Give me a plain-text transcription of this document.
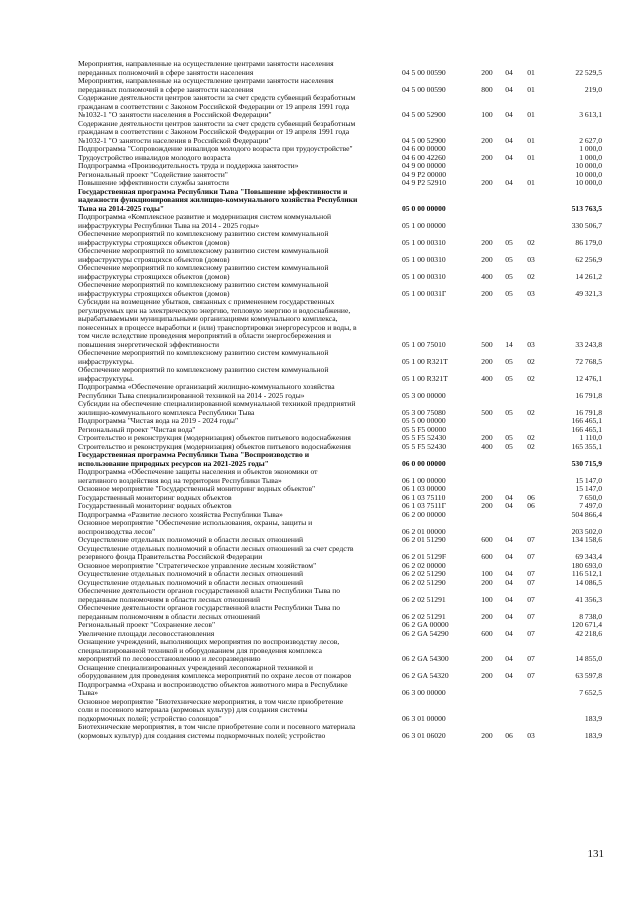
Мероприятия, направленные на осуществление центрами занятости населения
переданных полномочий в сфере занятости населения	04 5 00 00590	200	04	01	22 529,5
Мероприятия, направленные на осуществление центрами занятости населения
переданных полномочий в сфере занятости населения	04 5 00 00590	800	04	01	219,0
Содержание деятельности центров занятости за счет средств субвенций безработным
гражданам в соответствии с Законом Российской Федерации от 19 апреля 1991 года
№1032-1 "О занятости населения в Российской Федерации"	04 5 00 52900	100	04	01	3 613,1
Содержание деятельности центров занятости за счет средств субвенций безработным
гражданам в соответствии с Законом Российской Федерации от 19 апреля 1991 года
№1032-1 "О занятости населения в Российской Федерации"	04 5 00 52900	200	04	01	2 627,0
Подпрограмма "Сопровождение инвалидов молодого возраста при трудоустройстве"	04 6 00 00000	1 000,0
Трудоустройство инвалидов молодого возраста	04 6 00 42260	200	04	01	1 000,0
Подпрограмма «Производительность труда и поддержка занятости»	04 9 00 00000	10 000,0
Региональный проект "Содействие занятости"	04 9 P2 00000	10 000,0
Повышение эффективности службы занятости	04 9 P2 52910	200	04	01	10 000,0
Государственная программа Республики Тыва "Повышение эффективности и
надежности функционирования жилищно-коммунального хозяйства Республики
Тыва на 2014-2025 годы"	05 0 00 00000	513 763,5
Подпрограмма «Комплексное развитие и модернизация систем коммунальной
инфраструктуры Республики Тыва на 2014 - 2025 годы»	05 1 00 00000	330 506,7
Обеспечение мероприятий по комплексному развитию систем коммунальной
инфраструктуры строящихся объектов (домов)	05 1 00 00310	200	05	02	86 179,0
Обеспечение мероприятий по комплексному развитию систем коммунальной
инфраструктуры строящихся объектов (домов)	05 1 00 00310	200	05	03	62 256,9
Обеспечение мероприятий по комплексному развитию систем коммунальной
инфраструктуры строящихся объектов (домов)	05 1 00 00310	400	05	02	14 261,2
Обеспечение мероприятий по комплексному развитию систем коммунальной
инфраструктуры строящихся объектов (домов)	05 1 00 0031Г	200	05	03	49 321,3
Субсидии на возмещение убытков, связанных с применением государственных
регулируемых цен на электрическую энергию, тепловую энергию и водоснабжение,
вырабатываемыми муниципальными организациями коммунального комплекса,
понесенных в процессе выработки и (или) транспортировки энергоресурсов и воды, в
том числе вследствие проведения мероприятий в области энергосбережения и
повышения энергетической эффективности	05 1 00 75010	500	14	03	33 243,8
Обеспечение мероприятий по комплексному развитию систем коммунальной
инфраструктуры.	05 1 00 R321Т	200	05	02	72 768,5
Обеспечение мероприятий по комплексному развитию систем коммунальной
инфраструктуры.	05 1 00 R321Т	400	05	02	12 476,1
Подпрограмма «Обеспечение организаций жилищно-коммунального хозяйства
Республики Тыва специализированной техникой на 2014 - 2025 годы»	05 3 00 00000	16 791,8
Субсидии на обеспечение специализированной коммунальной техникой предприятий
жилищно-коммунального комплекса Республики Тыва	05 3 00 75080	500	05	02	16 791,8
Подпрограмма "Чистая вода на 2019 - 2024 годы"	05 5 00 00000	166 465,1
Региональный проект "Чистая вода"	05 5 F5 00000	166 465,1
Строительство и реконструкция (модернизация) объектов питьевого водоснабжения	05 5 F5 52430	200	05	02	1 110,0
Строительство и реконструкция (модернизация) объектов питьевого водоснабжения	05 5 F5 52430	400	05	02	165 355,1
Государственная программа Республики Тыва "Воспроизводство и
использование природных ресурсов на 2021-2025 годы"	06 0 00 00000	530 715,9
Подпрограмма «Обеспечение защиты населения и объектов экономики от
негативного воздействия вод на территории Республики Тыва»	06 1 00 00000	15 147,0
Основное мероприятие "Государственный мониторинг водных объектов"	06 1 03 00000	15 147,0
Государственный мониторинг водных объектов	06 1 03 75110	200	04	06	7 650,0
Государственный мониторинг водных объектов	06 1 03 7511Г	200	04	06	7 497,0
Подпрограмма «Развитие лесного хозяйства Республики Тыва»	06 2 00 00000	504 866,4
Основное мероприятие "Обеспечение использования, охраны, защиты и
воспроизводства лесов"	06 2 01 00000	203 502,0
Осуществление отдельных полномочий в области лесных отношений	06 2 01 51290	600	04	07	134 158,6
Осуществление отдельных полномочий в области лесных отношений за счет средств
резервного фонда Правительства Российской Федерации	06 2 01 5129F	600	04	07	69 343,4
Основное мероприятие "Стратегическое управление лесным хозяйством"	06 2 02 00000	180 693,0
Осуществление отдельных полномочий в области лесных отношений	06 2 02 51290	100	04	07	116 512,1
Осуществление отдельных полномочий в области лесных отношений	06 2 02 51290	200	04	07	14 086,5
Обеспечение деятельности органов государственной власти Республики Тыва по
переданным полномочиям в области лесных отношений	06 2 02 51291	100	04	07	41 356,3
Обеспечение деятельности органов государственной власти Республики Тыва по
переданным полномочиям в области лесных отношений	06 2 02 51291	200	04	07	8 738,0
Региональный проект "Сохранение лесов"	06 2 GA 00000	120 671,4
Увеличение площади лесовосстановления	06 2 GA 54290	600	04	07	42 218,6
Оснащение учреждений, выполняющих мероприятия по воспроизводству лесов,
специализированной техникой и оборудованием для проведения комплекса
мероприятий по лесовосстановлению и лесоразведению	06 2 GA 54300	200	04	07	14 855,0
Оснащение специализированных учреждений лесопожарной техникой и
оборудованием для проведения комплекса мероприятий по охране лесов от пожаров	06 2 GA 54320	200	04	07	63 597,8
Подпрограмма «Охрана и воспроизводство объектов животного мира в Республике
Тыва»	06 3 00 00000	7 652,5
Основное мероприятие "Биотехнические мероприятия, в том числе приобретение
соли и посевного материала (кормовых культур) для создания системы
подкормочных полей; устройство солонцов"	06 3 01 00000	183,9
Биотехнические мероприятия, в том числе приобретение соли и посевного материала
(кормовых культур) для создания системы подкормочных полей; устройство	06 3 01 06020	200	06	03	183,9
131
